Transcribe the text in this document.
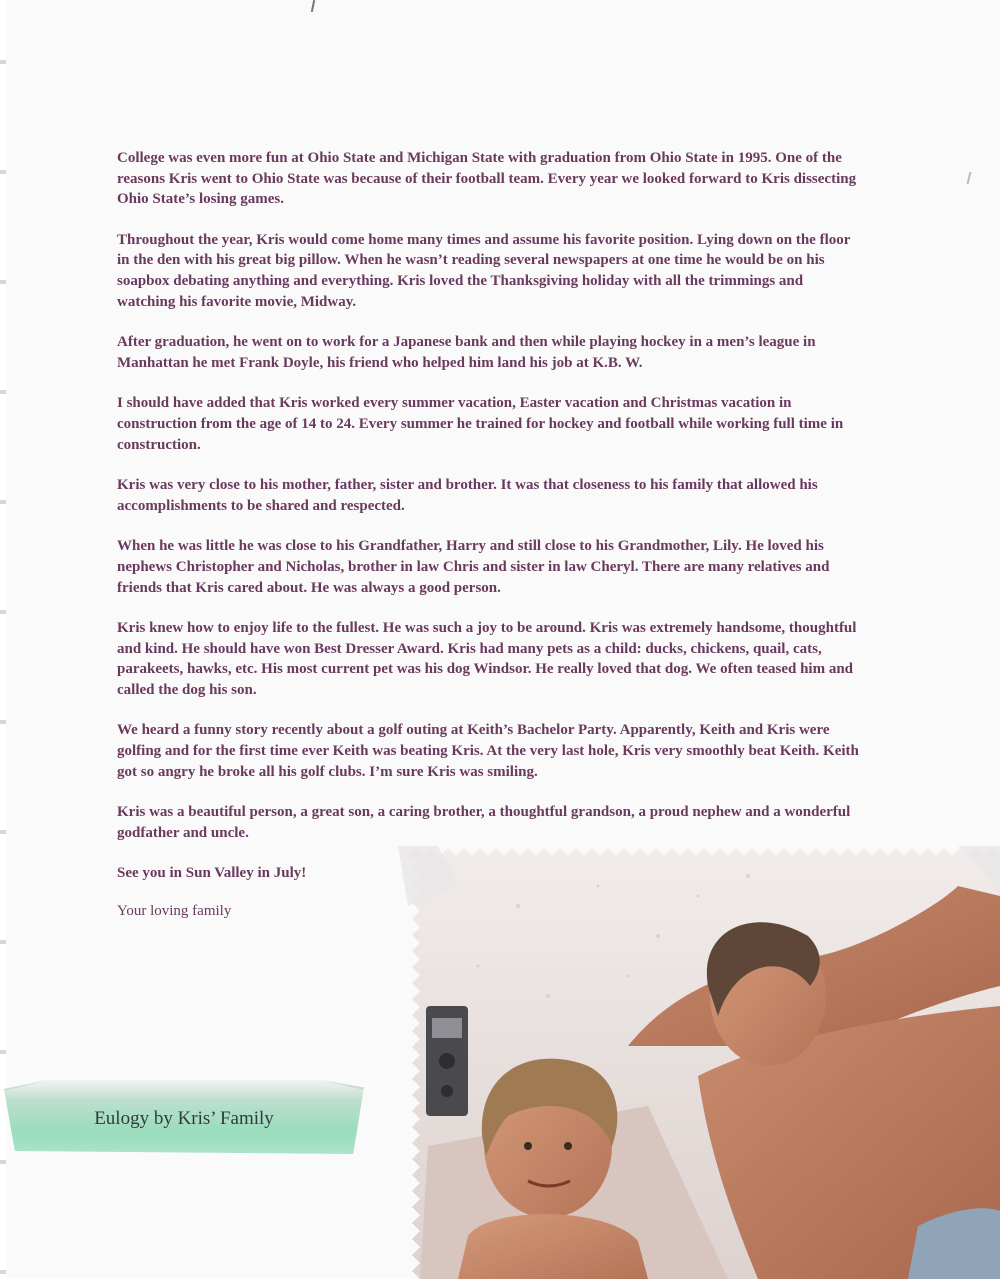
College was even more fun at Ohio State and Michigan State with graduation from Ohio State in 1995. One of the reasons Kris went to Ohio State was because of their football team. Every year we looked forward to Kris dissecting Ohio State’s losing games.

Throughout the year, Kris would come home many times and assume his favorite position. Lying down on the floor in the den with his great big pillow. When he wasn’t reading several newspapers at one time he would be on his soapbox debating anything and everything. Kris loved the Thanksgiving holiday with all the trimmings and watching his favorite movie, Midway.

After graduation, he went on to work for a Japanese bank and then while playing hockey in a men’s league in Manhattan he met Frank Doyle, his friend who helped him land his job at K.B. W.

I should have added that Kris worked every summer vacation, Easter vacation and Christmas vacation in construction from the age of 14 to 24. Every summer he trained for hockey and football while working full time in construction.

Kris was very close to his mother, father, sister and brother. It was that closeness to his family that allowed his accomplishments to be shared and respected.

When he was little he was close to his Grandfather, Harry and still close to his Grandmother, Lily. He loved his nephews Christopher and Nicholas, brother in law Chris and sister in law Cheryl. There are many relatives and friends that Kris cared about. He was always a good person.

Kris knew how to enjoy life to the fullest. He was such a joy to be around. Kris was extremely handsome, thoughtful and kind. He should have won Best Dresser Award. Kris had many pets as a child: ducks, chickens, quail, cats, parakeets, hawks, etc. His most current pet was his dog Windsor. He really loved that dog. We often teased him and called the dog his son.

We heard a funny story recently about a golf outing at Keith’s Bachelor Party. Apparently, Keith and Kris were golfing and for the first time ever Keith was beating Kris. At the very last hole, Kris very smoothly beat Keith. Keith got so angry he broke all his golf clubs. I’m sure Kris was smiling.

Kris was a beautiful person, a great son, a caring brother, a thoughtful grandson, a proud nephew and a wonderful godfather and uncle.

See you in Sun Valley in July!

Your loving family

Eulogy by Kris’ Family
